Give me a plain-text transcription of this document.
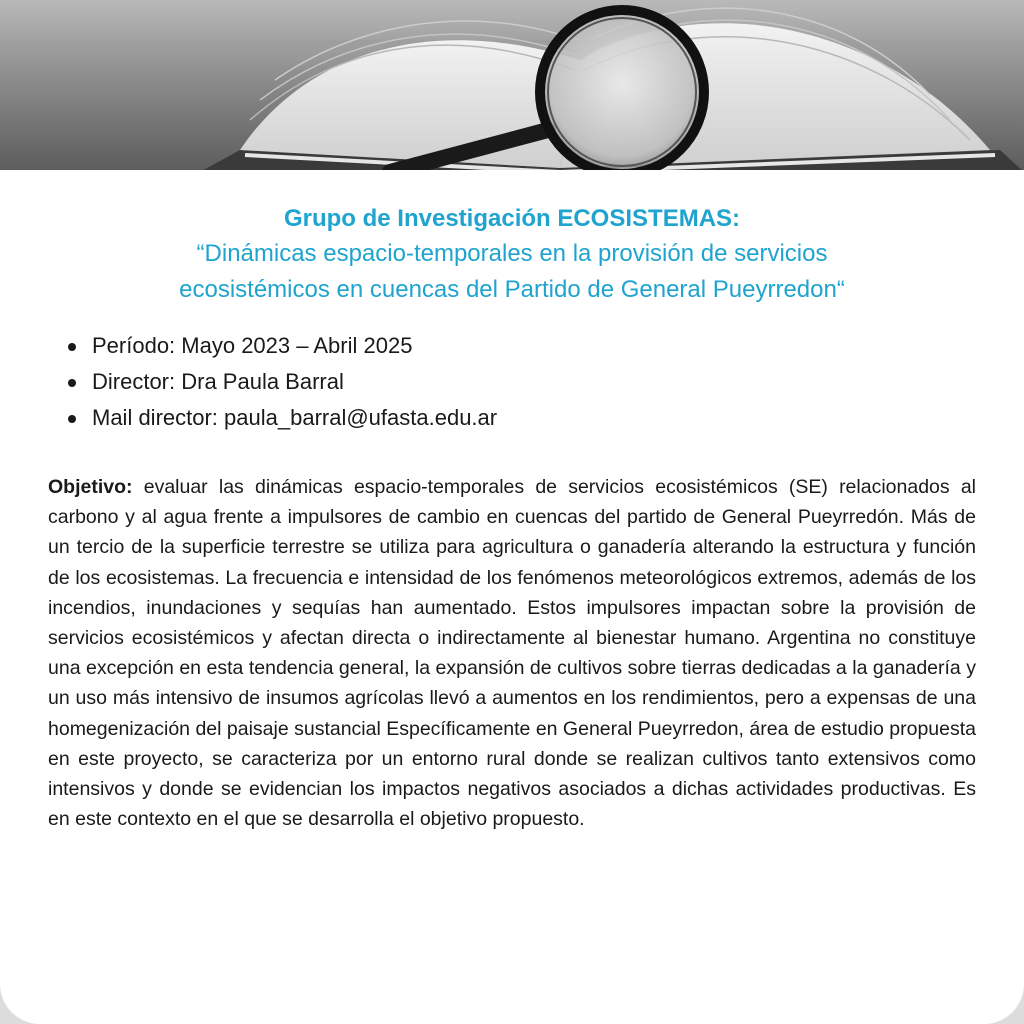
Grupo de Investigación ECOSISTEMAS:
“Dinámicas espacio-temporales en la provisión de servicios
ecosistémicos en cuencas del Partido de General Pueyrredon“
Período: Mayo 2023 – Abril 2025
Director: Dra Paula Barral
Mail director: paula_barral@ufasta.edu.ar

Objetivo: evaluar las dinámicas espacio-temporales de servicios ecosistémicos (SE) relacionados al carbono y al agua frente a impulsores de cambio en cuencas del partido de General Pueyrredón. Más de un tercio de la superficie terrestre se utiliza para agricultura o ganadería alterando la estructura y función de los ecosistemas. La frecuencia e intensidad de los fenómenos meteorológicos extremos, además de los incendios, inundaciones y sequías han aumentado. Estos impulsores impactan sobre la provisión de servicios ecosistémicos y afectan directa o indirectamente al bienestar humano. Argentina no constituye una excepción en esta tendencia general, la expansión de cultivos sobre tierras dedicadas a la ganadería y un uso más intensivo de insumos agrícolas llevó a aumentos en los rendimientos, pero a expensas de una homegenización del paisaje sustancial Específicamente en General Pueyrredon, área de estudio propuesta en este proyecto, se caracteriza por un entorno rural donde se realizan cultivos tanto extensivos como intensivos y donde se evidencian los impactos negativos asociados a dichas actividades productivas. Es en este contexto en el que se desarrolla el objetivo propuesto.
